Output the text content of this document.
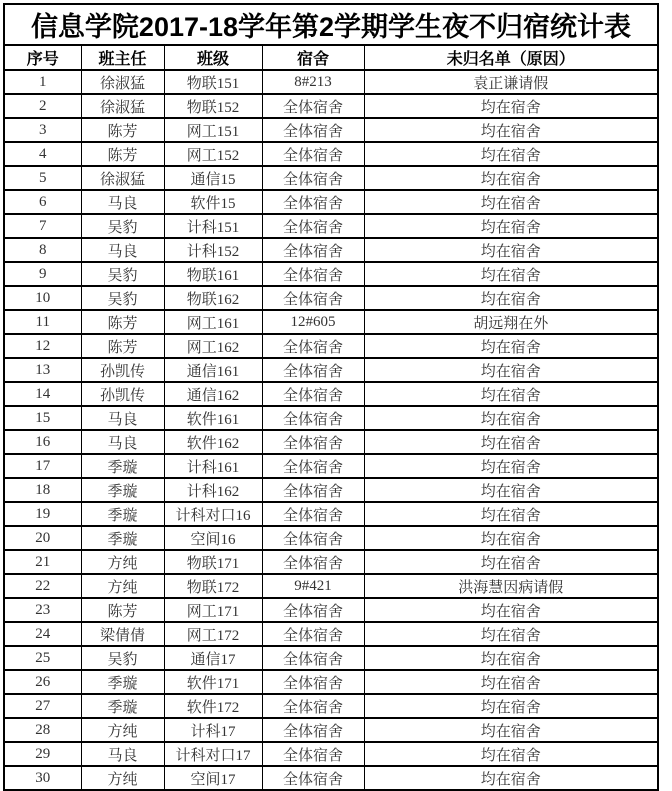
信息学院2017-18学年第2学期学生夜不归宿统计表				
序号	班主任	班级	宿舍	未归名单（原因）
1	徐淑猛	物联151	8#213	袁正谦请假
2	徐淑猛	物联152	全体宿舍	均在宿舍
3	陈芳	网工151	全体宿舍	均在宿舍
4	陈芳	网工152	全体宿舍	均在宿舍
5	徐淑猛	通信15	全体宿舍	均在宿舍
6	马良	软件15	全体宿舍	均在宿舍
7	吴豹	计科151	全体宿舍	均在宿舍
8	马良	计科152	全体宿舍	均在宿舍
9	吴豹	物联161	全体宿舍	均在宿舍
10	吴豹	物联162	全体宿舍	均在宿舍
11	陈芳	网工161	12#605	胡远翔在外
12	陈芳	网工162	全体宿舍	均在宿舍
13	孙凯传	通信161	全体宿舍	均在宿舍
14	孙凯传	通信162	全体宿舍	均在宿舍
15	马良	软件161	全体宿舍	均在宿舍
16	马良	软件162	全体宿舍	均在宿舍
17	季璇	计科161	全体宿舍	均在宿舍
18	季璇	计科162	全体宿舍	均在宿舍
19	季璇	计科对口16	全体宿舍	均在宿舍
20	季璇	空间16	全体宿舍	均在宿舍
21	方纯	物联171	全体宿舍	均在宿舍
22	方纯	物联172	9#421	洪海慧因病请假
23	陈芳	网工171	全体宿舍	均在宿舍
24	梁倩倩	网工172	全体宿舍	均在宿舍
25	吴豹	通信17	全体宿舍	均在宿舍
26	季璇	软件171	全体宿舍	均在宿舍
27	季璇	软件172	全体宿舍	均在宿舍
28	方纯	计科17	全体宿舍	均在宿舍
29	马良	计科对口17	全体宿舍	均在宿舍
30	方纯	空间17	全体宿舍	均在宿舍
